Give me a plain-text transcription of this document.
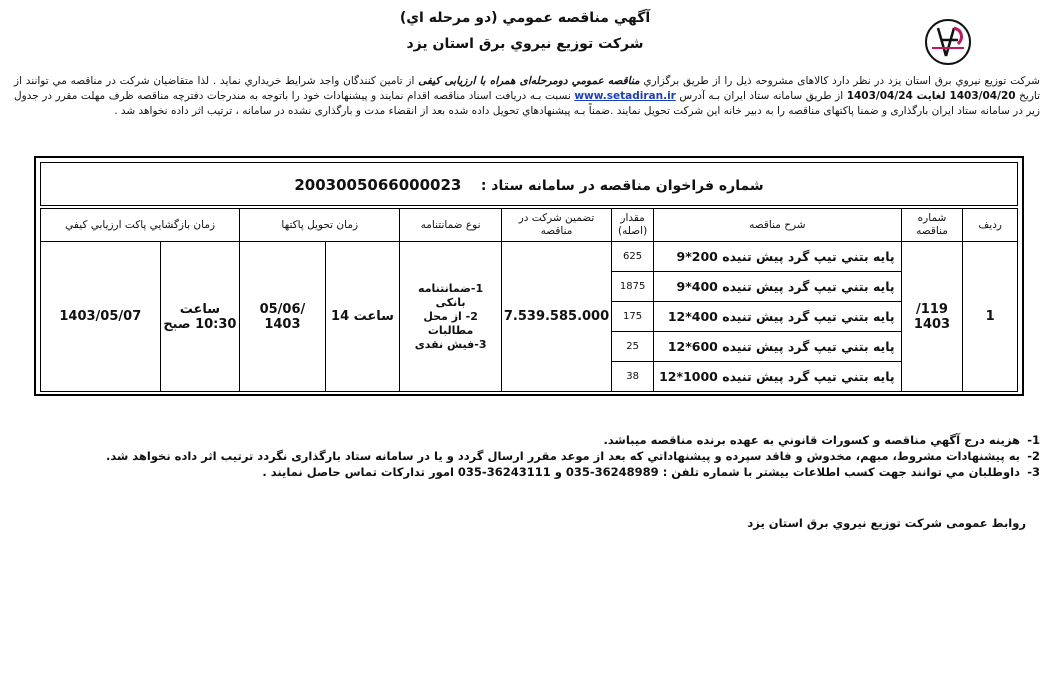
آگهي مناقصه عمومي (دو مرحله اي)
شرکت توزيع نيروي برق استان يزد
شرکت توزيع نيروي برق استان يزد در نظر دارد کالاهاى مشروحه ذيل را از طريق برگزاري مناقصه عمومي دومرحله‌اى همراه با ارزيابى كيفى از تامين کنندگان واجد شرايط خريداري نمايد . لذا متقاضيان شرکت در مناقصه مي توانند از تاريخ 1403/04/20 لغايت 1403/04/24 از طريق سامانه ستاد ايران بـه آدرس www.setadiran.ir نسبت بـه دريافت اسناد مناقصه اقدام نمايند و پيشنهادات خود را باتوجه به مندرجات دفترچه مناقصه ظرف مهلت مقرر در جدول زير در سامانه ستاد ايران بارگذاری و ضمنا پاكتهای مناقصه را به دبير خانه اين شرکت تحويل نمايند .ضمناً بـه پيشنهادهاي تحويل داده شده بعد از انقضاء مدت و بارگذاری نشده در سامانه ، ترتيب اثر داده نخواهد شد .
شماره فراخوان مناقصه در سامانه ستاد :    2003005066000023
رديف	شماره مناقصه	شرح مناقصه	مقدار (اصله)	تضمين شرکت در مناقصه	نوع ضمانتنامه	زمان تحويل پاکتها		زمان بازگشايي پاکت ارزيابي کيفي	
1	119/ 1403	پايه بتني تيپ گرد پيش تنيده 200*9	625	7.539.585.000	1-ضمانتنامه بانکی
2- از محل مطالبات
3-فيش نقدی	ساعت 14	/05/06 1403	ساعت 10:30 صبح	1403/05/07
		پايه بتني تيپ گرد پيش تنيده 400*9	1875						
		پايه بتني تيپ گرد پيش تنيده 400*12	175						
		پايه بتني تيپ گرد پيش تنيده 600*12	25						
		پايه بتني تيپ گرد پيش تنيده 1000*12	38						
1-
هزينه درج آگهي مناقصه و کسورات قانوني به عهده برنده مناقصه ميباشد.
2-
به پيشنهادات مشروط، مبهم، مخدوش و فاقد سپرده و پيشنهاداتي که بعد از موعد مقرر ارسال گردد و يا در سامانه ستاد بارگذاری نگردد ترتيب اثر داده نخواهد شد.
3-
داوطلبان مي توانند جهت کسب اطلاعات بيشتر با شماره تلفن : 36248989-035 و 36243111-035 امور تداركات تماس حاصل نمايند .
روابط عمومی شرکت توزيع نيروي برق استان يزد
